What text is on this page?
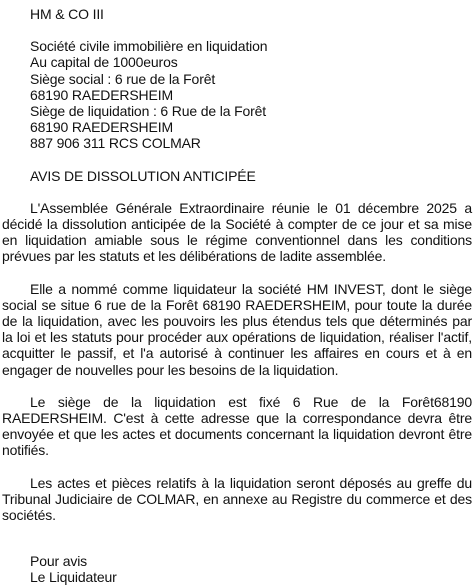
HM & CO III
Société civile immobilière en liquidation
Au capital de 1000euros
Siège social : 6 rue de la Forêt
68190 RAEDERSHEIM
Siège de liquidation : 6 Rue de la Forêt
68190 RAEDERSHEIM
887 906 311 RCS COLMAR
AVIS DE DISSOLUTION ANTICIPÉE

L'Assemblée Générale Extraordinaire réunie le 01 décembre 2025 a décidé la dissolution anticipée de la Société à compter de ce jour et sa mise en liquidation amiable sous le régime conventionnel dans les conditions prévues par les statuts et les délibérations de ladite assemblée.

Elle a nommé comme liquidateur la société HM INVEST, dont le siège social se situe 6 rue de la Forêt 68190 RAEDERSHEIM, pour toute la durée de la liquidation, avec les pouvoirs les plus étendus tels que déterminés par la loi et les statuts pour procéder aux opérations de liquidation, réaliser l'actif, acquitter le passif, et l'a autorisé à continuer les affaires en cours et à en engager de nouvelles pour les besoins de la liquidation.

Le siège de la liquidation est fixé 6 Rue de la Forêt68190 RAEDERSHEIM. C'est à cette adresse que la correspondance devra être envoyée et que les actes et documents concernant la liquidation devront être notifiés.

Les actes et pièces relatifs à la liquidation seront déposés au greffe du Tribunal Judiciaire de COLMAR, en annexe au Registre du commerce et des sociétés.

Pour avis
Le Liquidateur
